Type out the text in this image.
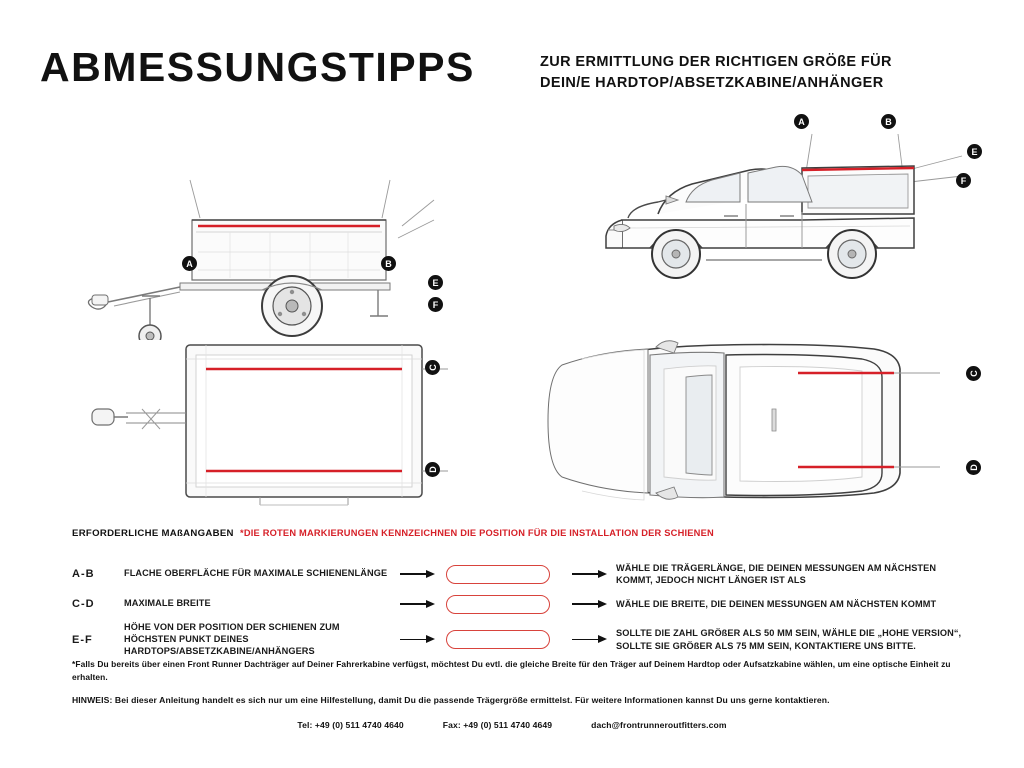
ABMESSUNGSTIPPS	ZUR ERMITTLUNG DER RICHTIGEN GRÖßE FÜR
DEIN/E HARDTOP/ABSETZKABINE/ANHÄNGER
A	B
E
F
C
D
A	B
E
F
C
D
ERFORDERLICHE MAßANGABEN *DIE ROTEN MARKIERUNGEN KENNZEICHNEN DIE POSITION FÜR DIE INSTALLATION DER SCHIENEN
A-B	FLACHE OBERFLÄCHE FÜR MAXIMALE SCHIENENLÄNGE				WÄHLE DIE TRÄGERLÄNGE, DIE DEINEN MESSUNGEN AM NÄCHSTEN KOMMT, JEDOCH NICHT LÄNGER IST ALS
C-D	MAXIMALE BREITE				WÄHLE DIE BREITE, DIE DEINEN MESSUNGEN AM NÄCHSTEN KOMMT
E-F	HÖHE VON DER POSITION DER SCHIENEN ZUM HÖCHSTEN PUNKT DEINES HARDTOPS/ABSETZKABINE/ANHÄNGERS				SOLLTE DIE ZAHL GRÖßER ALS 50 MM SEIN, WÄHLE DIE „HOHE VERSION“, SOLLTE SIE GRÖßER ALS 75 MM SEIN, KONTAKTIERE UNS BITTE.
*Falls Du bereits über einen Front Runner Dachträger auf Deiner Fahrerkabine verfügst, möchtest Du evtl. die gleiche Breite für den Träger auf Deinem Hardtop oder Aufsatzkabine wählen, um eine optische Einheit zu erhalten.
HINWEIS: Bei dieser Anleitung handelt es sich nur um eine Hilfestellung, damit Du die passende Trägergröße ermittelst. Für weitere Informationen kannst Du uns gerne kontaktieren.
Tel: +49 (0) 511 4740 4640	Fax: +49 (0) 511 4740 4649	dach@frontrunneroutfitters.com
